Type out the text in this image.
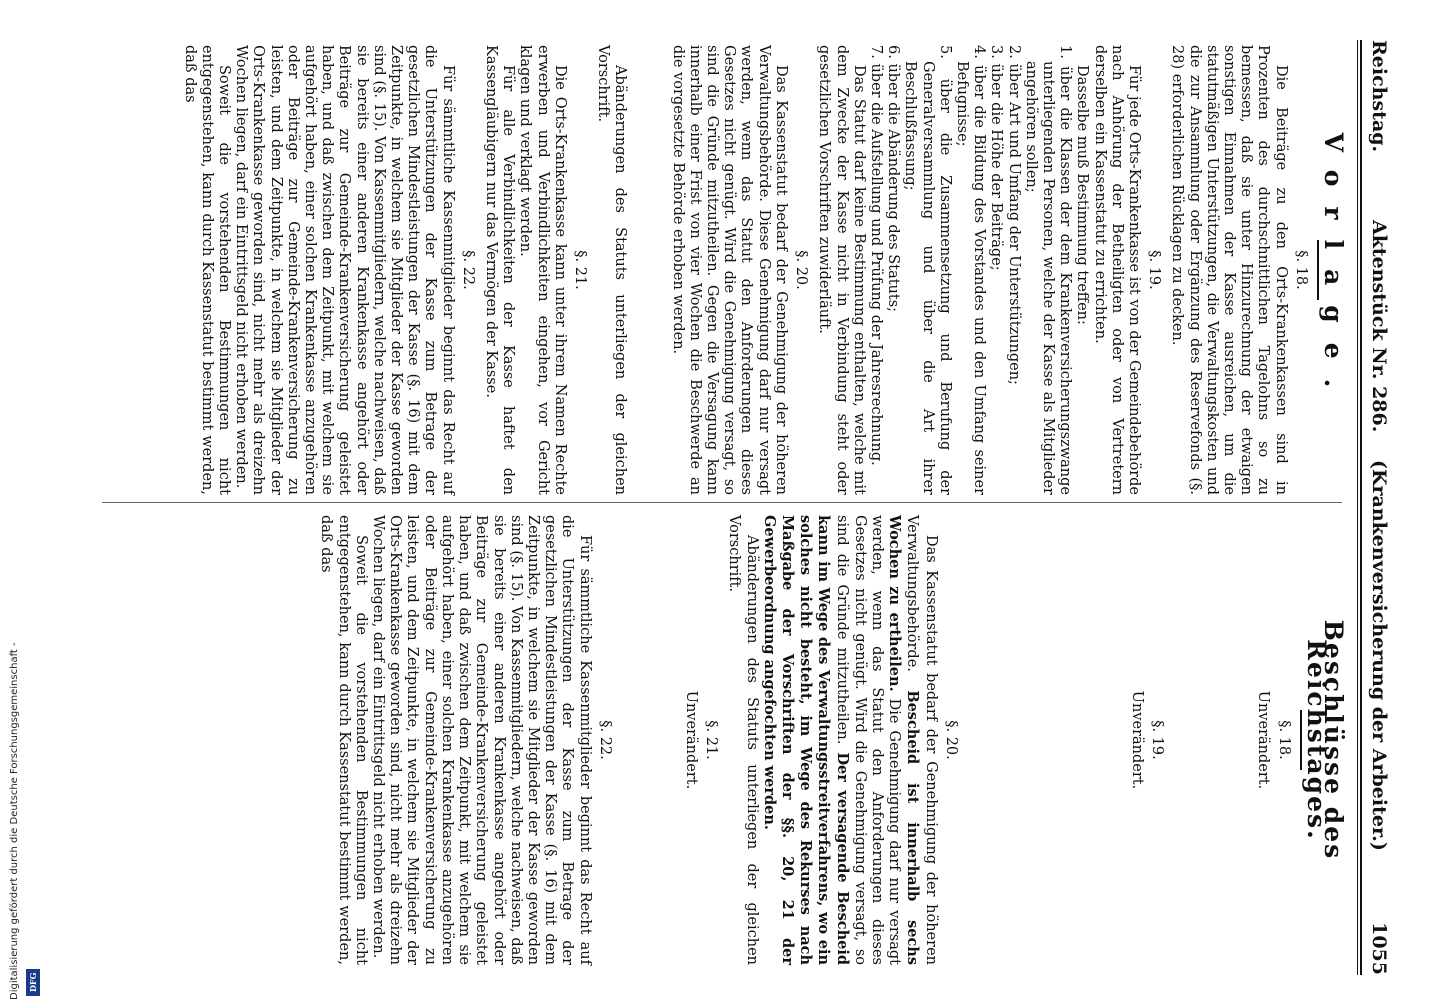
Reichstag.
Aktenstück Nr. 286.
1055
(Krankenversicherung der Arbeiter.)
Vorlage.
§. 18.

Die Beiträge zu den Orts-Krankenkassen sind in Prozenten des durchschnittlichen Tagelohns so zu bemessen, daß sie unter Hinzurechnung der etwaigen sonstigen Einnahmen der Kasse ausreichen, um die statutmäßigen Unterstützungen, die Verwaltungskosten und die zur Ansammlung oder Ergänzung des Reservefonds (§. 28) erforderlichen Rücklagen zu decken.

§. 19.

Für jede Orts-Krankenkasse ist von der Gemeindebehörde nach Anhörung der Betheiligten oder von Vertretern derselben ein Kassenstatut zu errichten.

Dasselbe muß Bestimmung treffen:

1. über die Klassen der dem Krankenversicherungszwange unterliegenden Personen, welche der Kasse als Mitglieder angehören sollen;
2. über Art und Umfang der Unterstützungen;
3. über die Höhe der Beiträge;
4. über die Bildung des Vorstandes und den Umfang seiner Befugnisse;
5. über die Zusammensetzung und Berufung der Generalversammlung und über die Art ihrer Beschlußfassung;
6. über die Abänderung des Statuts;
7. über die Aufstellung und Prüfung der Jahresrechnung.

Das Statut darf keine Bestimmung enthalten, welche mit dem Zwecke der Kasse nicht in Verbindung steht oder gesetzlichen Vorschriften zuwiderläuft.

§. 20.

Das Kassenstatut bedarf der Genehmigung der höheren Verwaltungsbehörde. Diese Genehmigung darf nur versagt werden, wenn das Statut den Anforderungen dieses Gesetzes nicht genügt. Wird die Genehmigung versagt, so sind die Gründe mitzutheilen. Gegen die Versagung kann innerhalb einer Frist von vier Wochen die Beschwerde an die vorgesetzte Behörde erhoben werden.

Abänderungen des Statuts unterliegen der gleichen Vorschrift.

§. 21.

Die Orts-Krankenkasse kann unter ihrem Namen Rechte erwerben und Verbindlichkeiten eingehen, vor Gericht klagen und verklagt werden.

Für alle Verbindlichkeiten der Kasse haftet den Kassengläubigern nur das Vermögen der Kasse.

§. 22.

Für sämmtliche Kassenmitglieder beginnt das Recht auf die Unterstützungen der Kasse zum Betrage der gesetzlichen Mindestleistungen der Kasse (§. 16) mit dem Zeitpunkte, in welchem sie Mitglieder der Kasse geworden sind (§. 15). Von Kassenmitgliedern, welche nachweisen, daß sie bereits einer anderen Krankenkasse angehört oder Beiträge zur Gemeinde-Krankenversicherung geleistet haben, und daß zwischen dem Zeitpunkt, mit welchem sie aufgehört haben, einer solchen Krankenkasse anzugehören oder Beiträge zur Gemeinde-Krankenversicherung zu leisten, und dem Zeitpunkte, in welchem sie Mitglieder der Orts-Krankenkasse geworden sind, nicht mehr als dreizehn Wochen liegen, darf ein Eintrittsgeld nicht erhoben werden.

Soweit die vorstehenden Bestimmungen nicht entgegenstehen, kann durch Kassenstatut bestimmt werden, daß das

Beschlüsse des Reichstages.
§. 18.
Unverändert.
§. 19.
Unverändert.
§. 20.

Das Kassenstatut bedarf der Genehmigung der höheren Verwaltungsbehörde. Bescheid ist innerhalb sechs Wochen zu ertheilen. Die Genehmigung darf nur versagt werden, wenn das Statut den Anforderungen dieses Gesetzes nicht genügt. Wird die Genehmigung versagt, so sind die Gründe mitzutheilen. Der versagende Bescheid kann im Wege des Verwaltungsstreitverfahrens, wo ein solches nicht besteht, im Wege des Rekurses nach Maßgabe der Vorschriften der §§. 20, 21 der Gewerbeordnung angefochten werden.

Abänderungen des Statuts unterliegen der gleichen Vorschrift.

§. 21.
Unverändert.
§. 22.

Für sämmtliche Kassenmitglieder beginnt das Recht auf die Unterstützungen der Kasse zum Betrage der gesetzlichen Mindestleistungen der Kasse (§. 16) mit dem Zeitpunkte, in welchem sie Mitglieder der Kasse geworden sind (§. 15). Von Kassenmitgliedern, welche nachweisen, daß sie bereits einer anderen Krankenkasse angehört oder Beiträge zur Gemeinde-Krankenversicherung geleistet haben, und daß zwischen dem Zeitpunkt, mit welchem sie aufgehört haben, einer solchen Krankenkasse anzugehören oder Beiträge zur Gemeinde-Krankenversicherung zu leisten, und dem Zeitpunkte, in welchem sie Mitglieder der Orts-Krankenkasse geworden sind, nicht mehr als dreizehn Wochen liegen, darf ein Eintrittsgeld nicht erhoben werden.

Soweit die vorstehenden Bestimmungen nicht entgegenstehen, kann durch Kassenstatut bestimmt werden, daß das

Digitalisierung gefördert durch die Deutsche Forschungsgemeinschaft - DFG
